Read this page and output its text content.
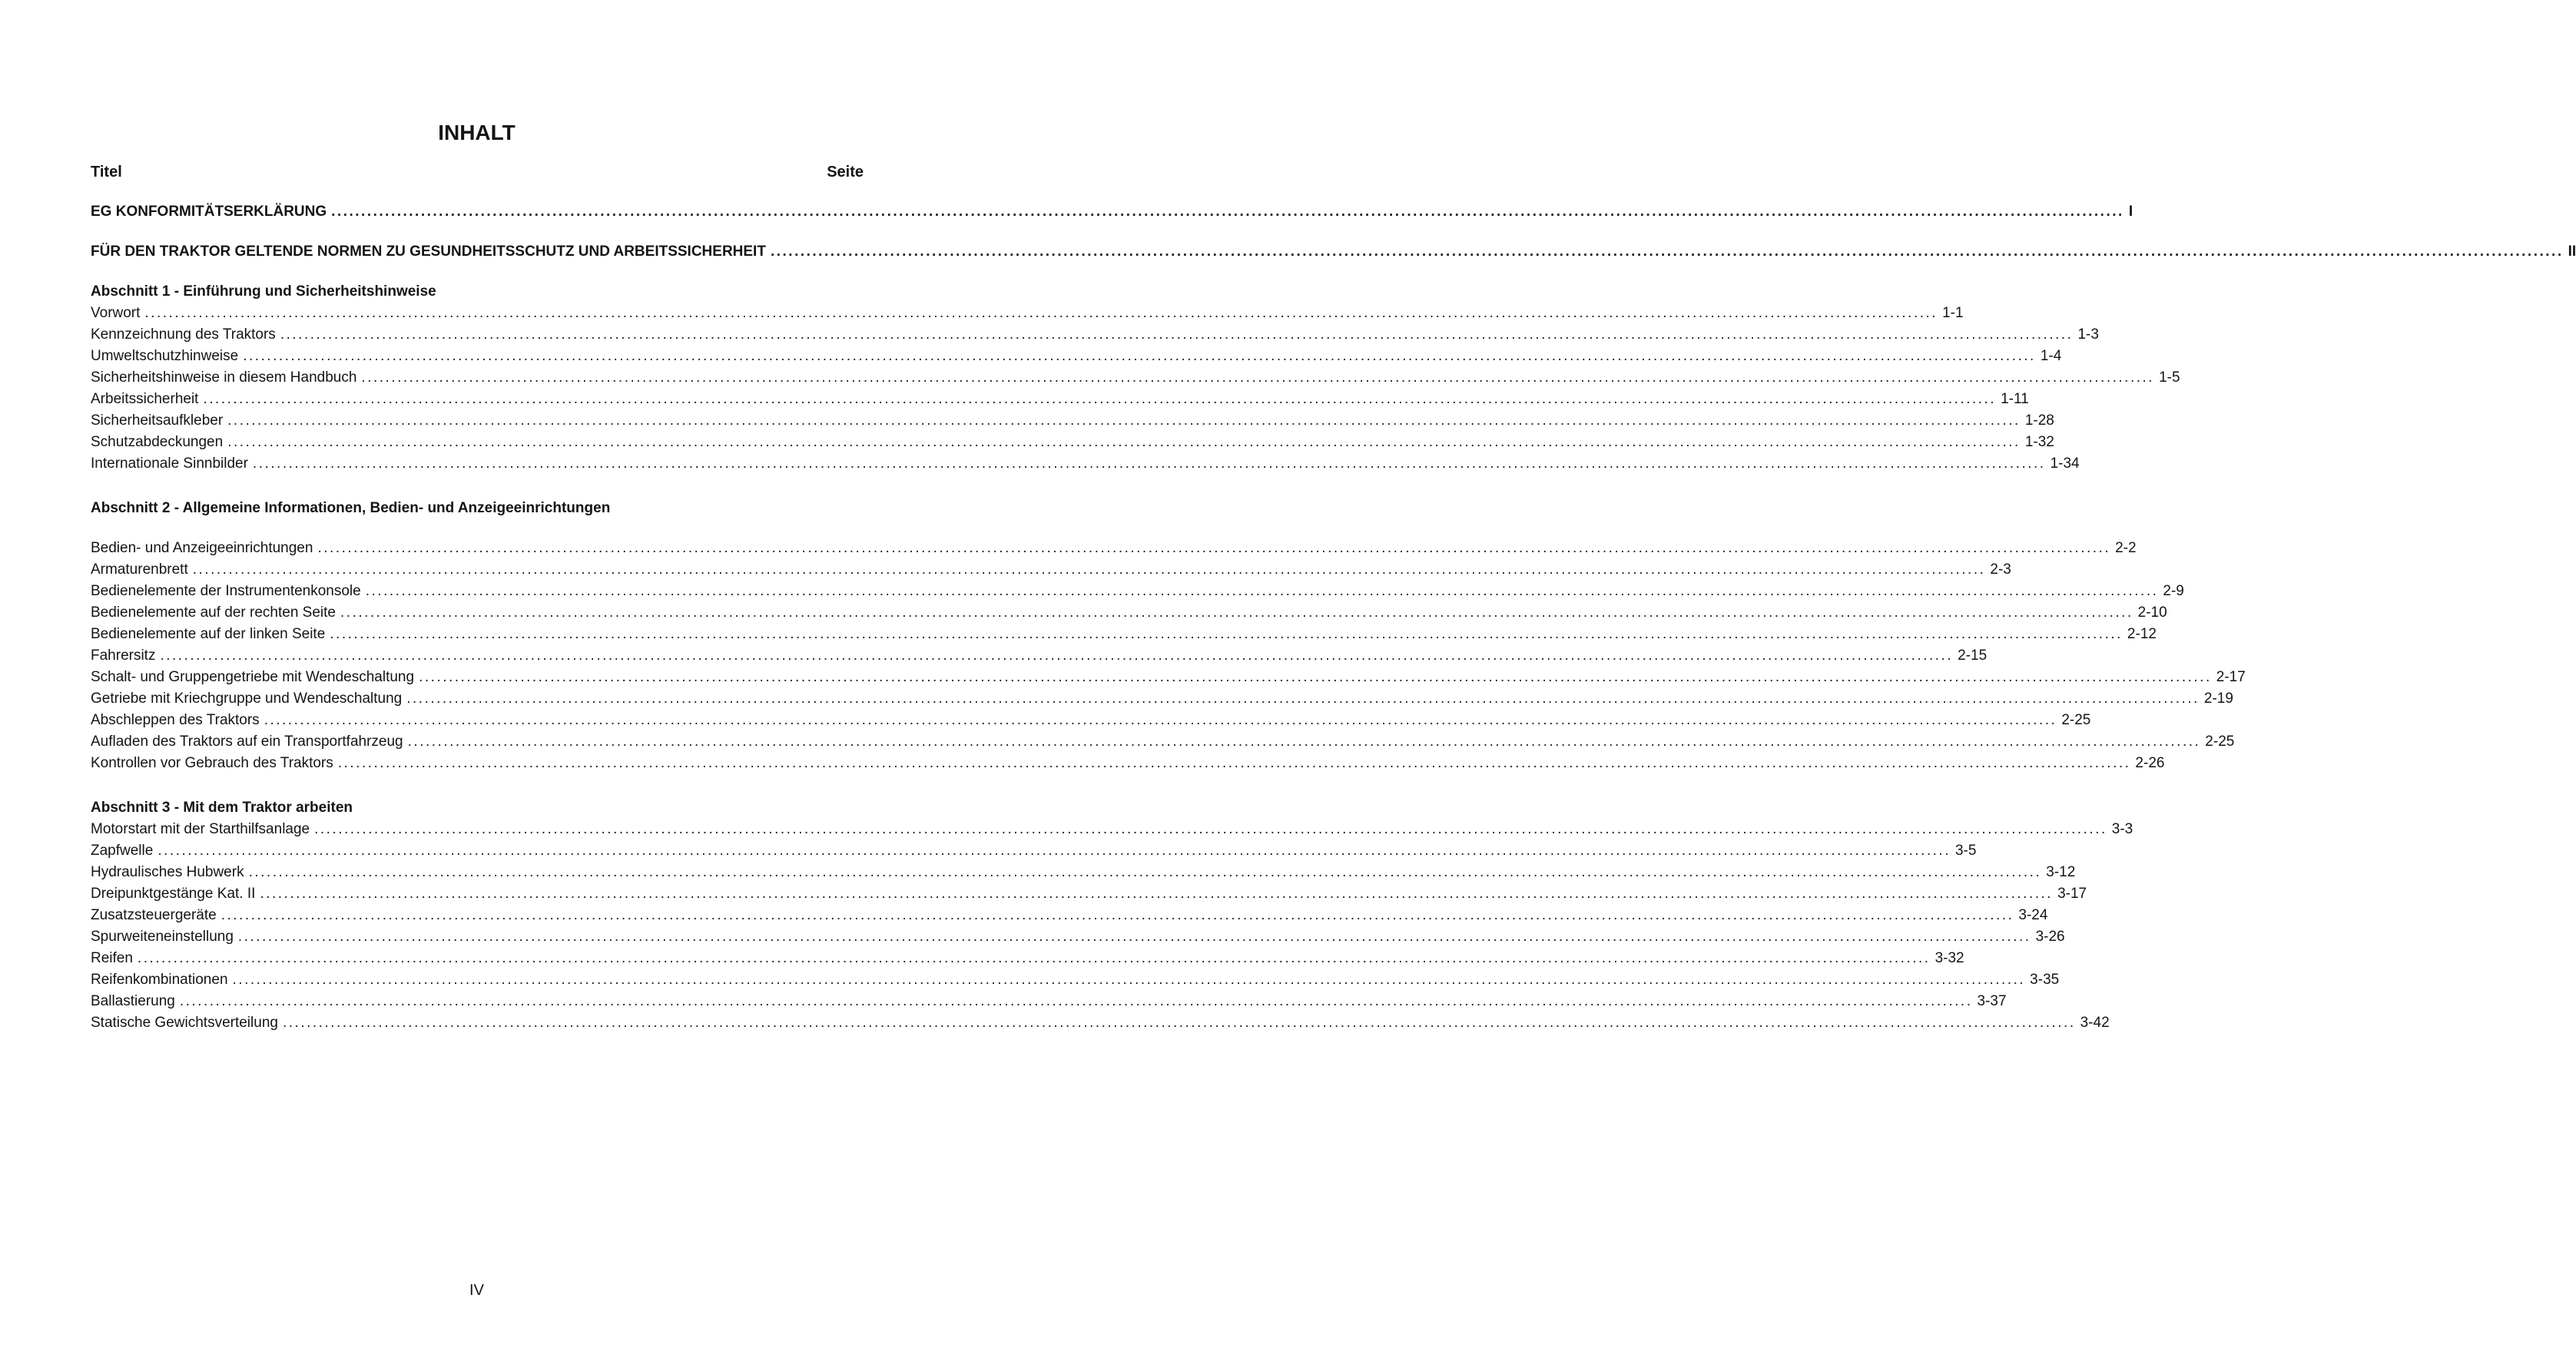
INHALT
Titel	Seite
EG KONFORMITÄTSERKLÄRUNG ............................................................................................................................................................................................................................................................................................................ I
FÜR DEN TRAKTOR GELTENDE NORMEN ZU GESUNDHEITSSCHUTZ UND ARBEITSSICHERHEIT ............................................................................................................................................................................................................................................................................................................ II
Abschnitt 1 - Einführung und Sicherheitshinweise
Vorwort ............................................................................................................................................................................................................................................................................................................ 1-1
Kennzeichnung des Traktors ............................................................................................................................................................................................................................................................................................................ 1-3
Umweltschutzhinweise ............................................................................................................................................................................................................................................................................................................ 1-4
Sicherheitshinweise in diesem Handbuch ............................................................................................................................................................................................................................................................................................................ 1-5
Arbeitssicherheit ............................................................................................................................................................................................................................................................................................................ 1-11
Sicherheitsaufkleber ............................................................................................................................................................................................................................................................................................................ 1-28
Schutzabdeckungen ............................................................................................................................................................................................................................................................................................................ 1-32
Internationale Sinnbilder ............................................................................................................................................................................................................................................................................................................ 1-34
Abschnitt 2 - Allgemeine Informationen, Bedien- und Anzeigeeinrichtungen
Bedien- und Anzeigeeinrichtungen ............................................................................................................................................................................................................................................................................................................ 2-2
Armaturenbrett ............................................................................................................................................................................................................................................................................................................ 2-3
Bedienelemente der Instrumentenkonsole ............................................................................................................................................................................................................................................................................................................ 2-9
Bedienelemente auf der rechten Seite ............................................................................................................................................................................................................................................................................................................ 2-10
Bedienelemente auf der linken Seite ............................................................................................................................................................................................................................................................................................................ 2-12
Fahrersitz ............................................................................................................................................................................................................................................................................................................ 2-15
Schalt- und Gruppengetriebe mit Wendeschaltung ............................................................................................................................................................................................................................................................................................................ 2-17
Getriebe mit Kriechgruppe und Wendeschaltung ............................................................................................................................................................................................................................................................................................................ 2-19
Abschleppen des Traktors ............................................................................................................................................................................................................................................................................................................ 2-25
Aufladen des Traktors auf ein Transportfahrzeug ............................................................................................................................................................................................................................................................................................................ 2-25
Kontrollen vor Gebrauch des Traktors ............................................................................................................................................................................................................................................................................................................ 2-26
Abschnitt 3 - Mit dem Traktor arbeiten
Motorstart mit der Starthilfsanlage ............................................................................................................................................................................................................................................................................................................ 3-3
Zapfwelle ............................................................................................................................................................................................................................................................................................................ 3-5
Hydraulisches Hubwerk ............................................................................................................................................................................................................................................................................................................ 3-12
Dreipunktgestänge Kat. II ............................................................................................................................................................................................................................................................................................................ 3-17
Zusatzsteuergeräte ............................................................................................................................................................................................................................................................................................................ 3-24
Spurweiteneinstellung ............................................................................................................................................................................................................................................................................................................ 3-26
Reifen ............................................................................................................................................................................................................................................................................................................ 3-32
Reifenkombinationen ............................................................................................................................................................................................................................................................................................................ 3-35
Ballastierung ............................................................................................................................................................................................................................................................................................................ 3-37
Statische Gewichtsverteilung ............................................................................................................................................................................................................................................................................................................ 3-42
IV
